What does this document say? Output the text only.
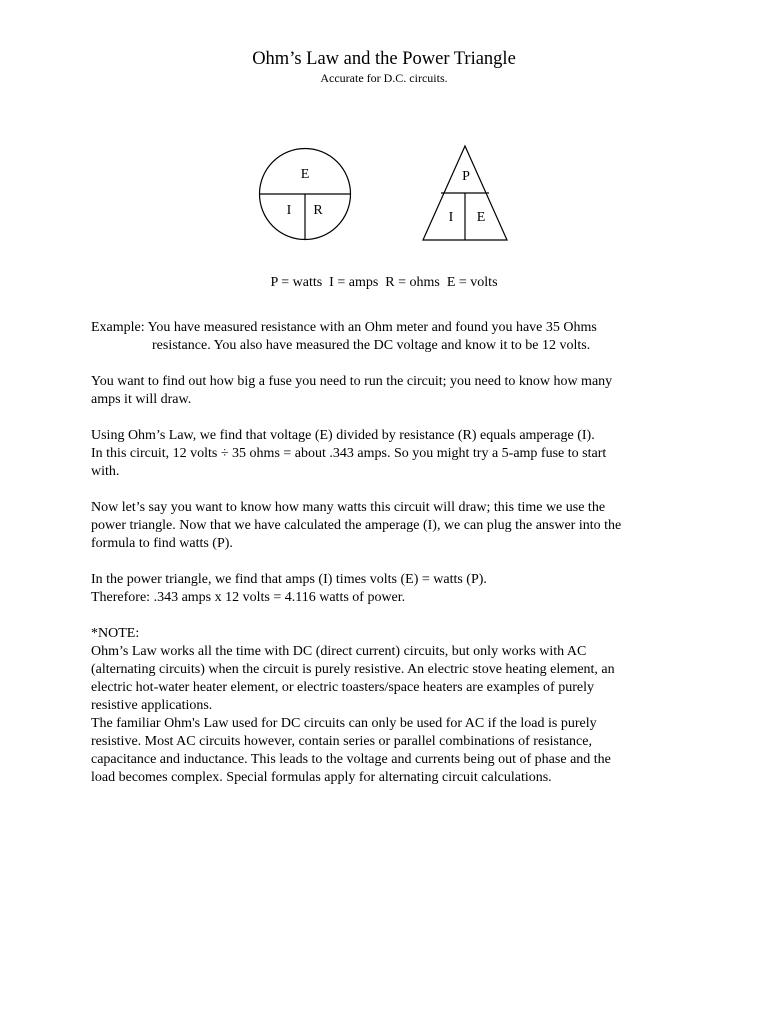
Ohm’s Law and the Power Triangle
Accurate for D.C. circuits.
E
I R
P
I E
P = watts  I = amps  R = ohms  E = volts

Example: You have measured resistance with an Ohm meter and found you have 35 Ohms
resistance. You also have measured the DC voltage and know it to be 12 volts.

You want to find out how big a fuse you need to run the circuit; you need to know how many
amps it will draw.

Using Ohm’s Law, we find that voltage (E) divided by resistance (R) equals amperage (I).
In this circuit, 12 volts ÷ 35 ohms = about .343 amps. So you might try a 5-amp fuse to start
with.

Now let’s say you want to know how many watts this circuit will draw; this time we use the
power triangle. Now that we have calculated the amperage (I), we can plug the answer into the
formula to find watts (P).

In the power triangle, we find that amps (I) times volts (E) = watts (P).
Therefore: .343 amps x 12 volts = 4.116 watts of power.

*NOTE:
Ohm’s Law works all the time with DC (direct current) circuits, but only works with AC
(alternating circuits) when the circuit is purely resistive. An electric stove heating element, an
electric hot-water heater element, or electric toasters/space heaters are examples of purely
resistive applications.
The familiar Ohm's Law used for DC circuits can only be used for AC if the load is purely
resistive. Most AC circuits however, contain series or parallel combinations of resistance,
capacitance and inductance. This leads to the voltage and currents being out of phase and the
load becomes complex. Special formulas apply for alternating circuit calculations.
